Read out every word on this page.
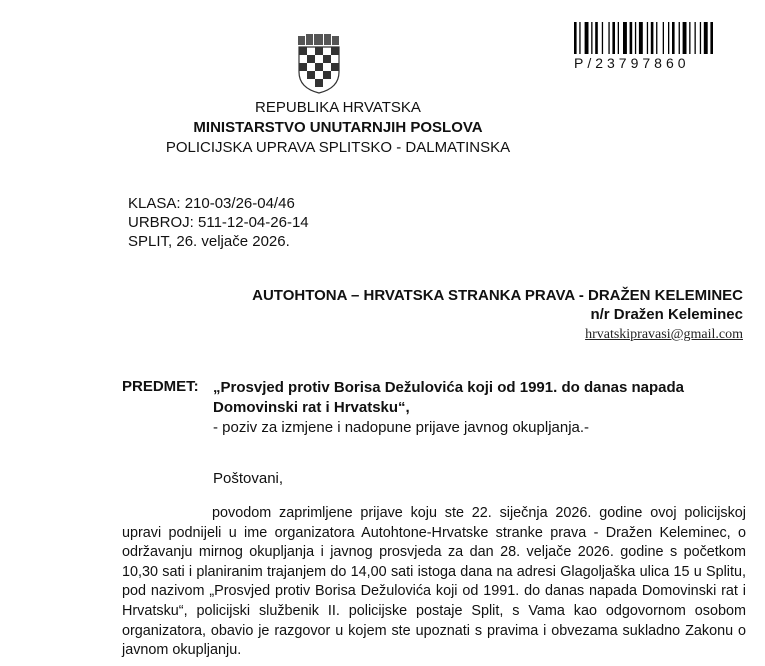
P/23797860
REPUBLIKA HRVATSKA
MINISTARSTVO UNUTARNJIH POSLOVA
POLICIJSKA UPRAVA SPLITSKO - DALMATINSKA
KLASA: 210-03/26-04/46
URBROJ: 511-12-04-26-14
SPLIT, 26. veljače 2026.
AUTOHTONA – HRVATSKA STRANKA PRAVA - DRAŽEN KELEMINEC
n/r Dražen Keleminec
hrvatskipravasi@gmail.com
PREDMET: „Prosvjed protiv Borisa Dežulovića koji od 1991. do danas napada Domovinski rat i Hrvatsku“,
- poziv za izmjene i nadopune prijave javnog okupljanja.-
Poštovani,
povodom zaprimljene prijave koju ste 22. siječnja 2026. godine ovoj policijskoj upravi podnijeli u ime organizatora Autohtone-Hrvatske stranke prava - Dražen Keleminec, o održavanju mirnog okupljanja i javnog prosvjeda za dan 28. veljače 2026. godine s početkom 10,30 sati i planiranim trajanjem do 14,00 sati istoga dana na adresi Glagoljaška ulica 15 u Splitu, pod nazivom „Prosvjed protiv Borisa Dežulovića koji od 1991. do danas napada Domovinski rat i Hrvatsku“, policijski službenik II. policijske postaje Split, s Vama kao odgovornom osobom organizatora, obavio je razgovor u kojem ste upoznati s pravima i obvezama sukladno Zakonu o javnom okupljanju.
